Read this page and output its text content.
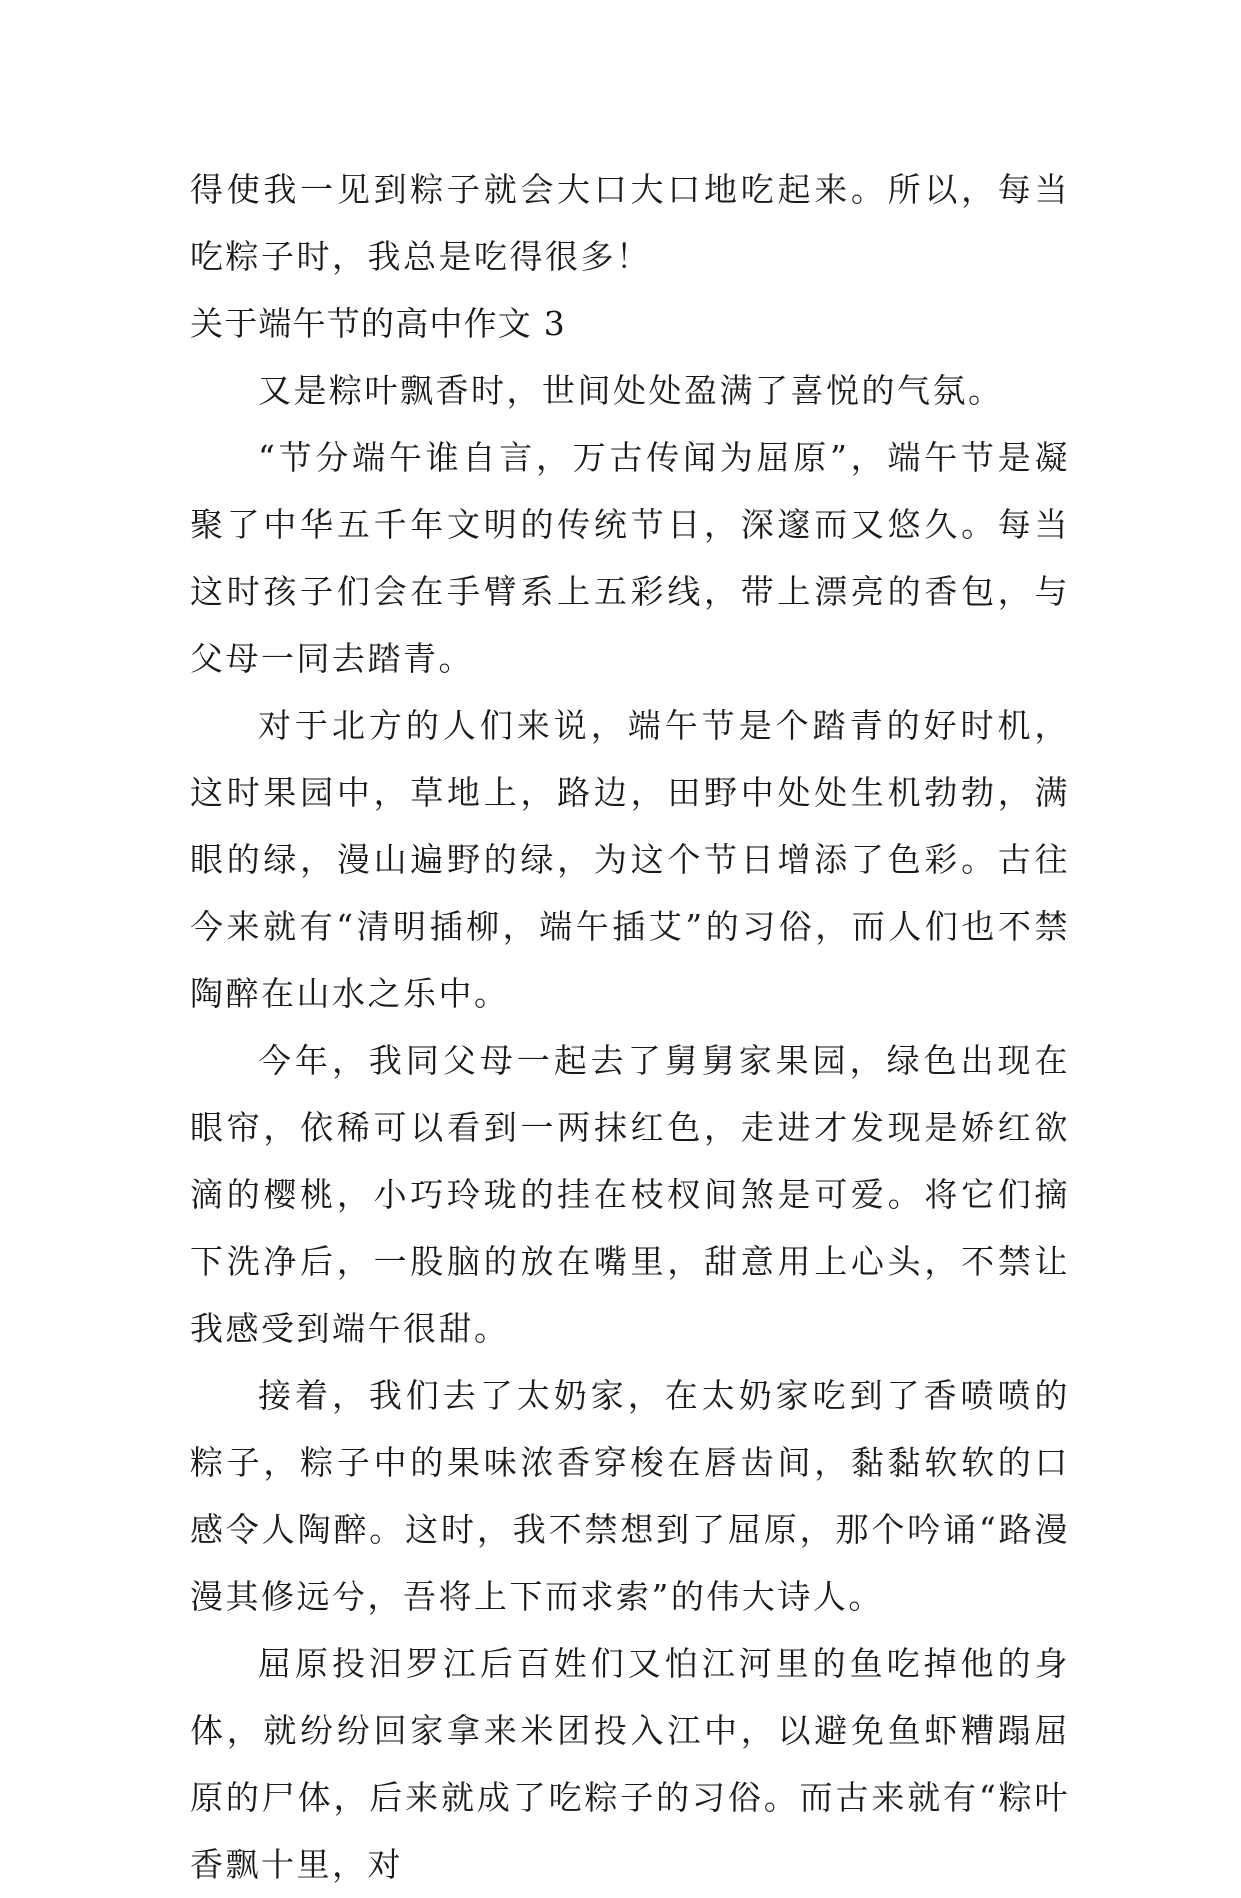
得使我一见到粽子就会大口大口地吃起来。所以，每当吃粽子时，我总是吃得很多！

关于端午节的高中作文 3

又是粽叶飘香时，世间处处盈满了喜悦的气氛。

“节分端午谁自言，万古传闻为屈原”，端午节是凝聚了中华五千年文明的传统节日，深邃而又悠久。每当这时孩子们会在手臂系上五彩线，带上漂亮的香包，与父母一同去踏青。

对于北方的人们来说，端午节是个踏青的好时机，这时果园中，草地上，路边，田野中处处生机勃勃，满眼的绿，漫山遍野的绿，为这个节日增添了色彩。古往今来就有“清明插柳，端午插艾”的习俗，而人们也不禁陶醉在山水之乐中。

今年，我同父母一起去了舅舅家果园，绿色出现在眼帘，依稀可以看到一两抹红色，走进才发现是娇红欲滴的樱桃，小巧玲珑的挂在枝杈间煞是可爱。将它们摘下洗净后，一股脑的放在嘴里，甜意用上心头，不禁让我感受到端午很甜。

接着，我们去了太奶家，在太奶家吃到了香喷喷的粽子，粽子中的果味浓香穿梭在唇齿间，黏黏软软的口感令人陶醉。这时，我不禁想到了屈原，那个吟诵“路漫漫其修远兮，吾将上下而求索”的伟大诗人。

屈原投汨罗江后百姓们又怕江河里的鱼吃掉他的身体，就纷纷回家拿来米团投入江中，以避免鱼虾糟蹋屈原的尸体，后来就成了吃粽子的习俗。而古来就有“粽叶香飘十里，对
